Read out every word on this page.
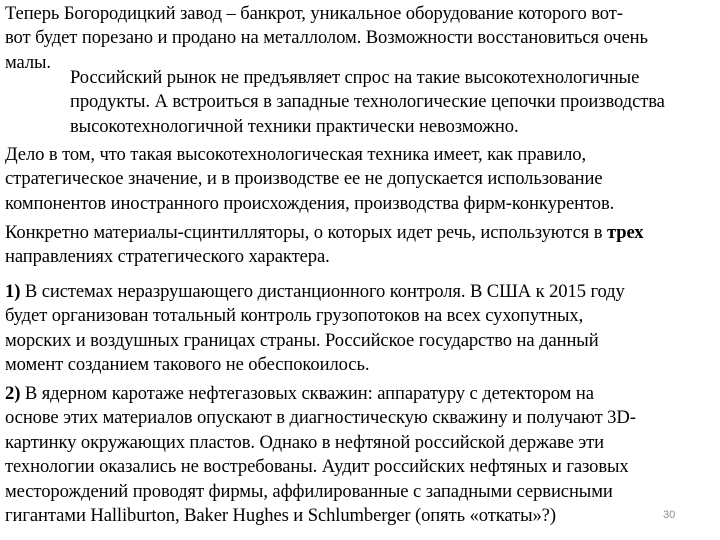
Теперь Богородицкий завод – банкрот, уникальное оборудование которого вот-
вот будет порезано и продано на металлолом. Возможности восстановиться очень
малы.
Российский рынок не предъявляет спрос на такие высокотехнологичные
продукты. А встроиться в западные технологические цепочки производства
высокотехнологичной техники практически невозможно.
Дело в том, что такая высокотехнологическая техника имеет, как правило,
стратегическое значение, и в производстве ее не допускается использование
компонентов иностранного происхождения, производства фирм-конкурентов.
Конкретно материалы-сцинтилляторы, о которых идет речь, используются в трех
направлениях стратегического характера.
1) В системах неразрушающего дистанционного контроля. В США к 2015 году
будет организован тотальный контроль грузопотоков на всех сухопутных,
морских и воздушных границах страны. Российское государство на данный
момент созданием такового не обеспокоилось.
2) В ядерном каротаже нефтегазовых скважин: аппаратуру с детектором на
основе этих материалов опускают в диагностическую скважину и получают 3D-
картинку окружающих пластов. Однако в нефтяной российской державе эти
технологии оказались не востребованы. Аудит российских нефтяных и газовых
месторождений проводят фирмы, аффилированные с западными сервисными
гигантами Halliburton, Baker Hughes и Schlumberger (опять «откаты»?)	30
